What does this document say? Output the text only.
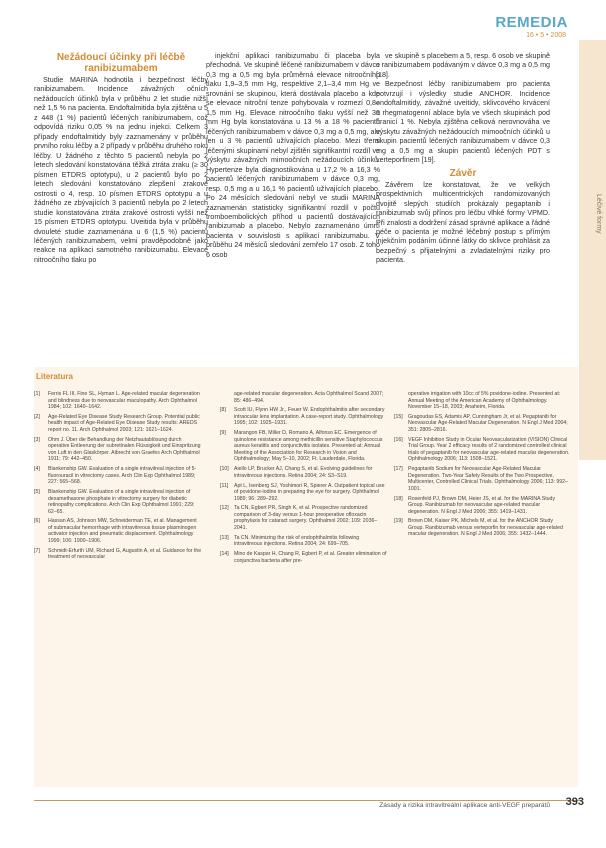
REMEDIA
16 • 5 • 2008
Léčivé formy
Nežádoucí účinky při léčbě ranibizumabem

Studie MARINA hodnotila i bezpečnost léčby ranibizumabem. Incidence závažných očních nežádoucích účinků byla v průběhu 2 let studie nižší než 1,5 % na pacienta. Endoftalmitida byla zjištěna u 5 z 448 (1 %) pacientů léčených ranibizumabem, což odpovídá riziku 0,05 % na jednu injekci. Celkem 3 případy endoftalmitidy byly zaznamenány v průběhu prvního roku léčby a 2 případy v průběhu druhého roku léčby. U žádného z těchto 5 pacientů nebyla po 2 letech sledování konstatována těžká ztráta zraku (≥ 30 písmen ETDRS optotypu), u 2 pacientů bylo po 2 letech sledování konstatováno zlepšení zrakové ostrosti o 4, resp. 10 písmen ETDRS optotypu a u žádného ze zbývajících 3 pacientů nebyla po 2 letech studie konstatována ztráta zrakové ostrosti vyšší než 15 písmen ETDRS optotypu. Uveitida byla v průběhu dvouleté studie zaznamenána u 6 (1,5 %) pacientů léčených ranibizumabem, velmi pravděpodobně jako reakce na aplikaci samotného ranibizumabu. Elevace nitroočního tlaku po

injekční aplikaci ranibizumabu či placeba byla přechodná. Ve skupině léčené ranibizumabem v dávce 0,3 mg a 0,5 mg byla průměrná elevace nitroočního tlaku 1,9–3,5 mm Hg, respektive 2,1–3,4 mm Hg ve srovnání se skupinou, která dostávala placebo a kde se elevace nitroční tenze pohybovala v rozmezí 0,8–1,5 mm Hg. Elevace nitroočního tlaku vyšší než 30 mm Hg byla konstatována u 13 % a 18 % pacientů léčených ranibizumabem v dávce 0,3 mg a 0,5 mg, ale jen u 3 % pacientů užívajících placebo. Mezi třemi léčenými skupinami nebyl zjištěn signifikantní rozdíl ve výskytu závažných mimoočních nežádoucích účinků. Hypertenze byla diagnostikována u 17,2 % a 16,3 % pacientů léčených ranibizumabem v dávce 0,3 mg, resp. 0,5 mg a u 16,1 % pacientů užívajících placebo. Po 24 měsících sledování nebyl ve studii MARINA zaznamenán statisticky signifikantní rozdíl v počtu tromboembolických příhod u pacientů dostávajících ranibizumab a placebo. Nebylo zaznamenáno úmrtí pacienta v souvislosti s aplikací ranibizumabu. V průběhu 24 měsíců sledování zemřelo 17 osob. Z toho 6 osob

ve skupině s placebem a 5, resp. 6 osob ve skupině s ranibizumabem podávaným v dávce 0,3 mg a 0,5 mg [18].

Bezpečnost léčby ranibizumabem pro pacienta potvrzují i výsledky studie ANCHOR. Incidence endoftalmitidy, závažné uveitidy, sklivcového krvácení a rhegmatogenní ablace byla ve všech skupinách pod hranicí 1 %. Nebyla zjištěna celková nerovnováha ve výskytu závažných nežádoucích mimoočních účinků u skupin pacientů léčených ranibizumabem v dávce 0,3 mg a 0,5 mg a skupin pacientů léčených PDT s verteporfinem [19].

Závěr

Závěrem lze konstatovat, že ve velkých prospektivních multicentrických randomizovaných dvojitě slepých studiích prokázaly pegaptanib i ranibizumab svůj přínos pro léčbu vlhké formy VPMD. Při znalosti a dodržení zásad správné aplikace a řádné péče o pacienta je možné léčebný postup s přímým injekčním podáním účinné látky do sklivce prohlásit za bezpečný s přijatelnými a zvladatelnými riziky pro pacienta.

Literatura
[1]	Ferris FL III, Fine SL, Hyman L. Age-related macular degeneration and blindness due to neovascular maculopathy. Arch Ophthalmol 1984; 102: 1640–1642.
[2]	Age-Related Eye Disease Study Research Group. Potential public health impact of Age-Related Eye Disease Study results: AREDS report no. 11. Arch Ophthalmol 2003; 121: 1621–1624.
[3]	Ohm J. Über die Behandlung der Netzhautablösung durch operative Entleerung der subretinalen Flüssigkeit und Einspritzung von Luft in den Glaskörper. Albrecht von Graefes Arch Ophthalmol 1911; 79: 442–450.
[4]	Blankenship GW. Evaluation of a single intravitreal injection of 5-fluorouracil in vitrectomy cases. Arch Clin Exp Ophthalmol 1989; 227: 565–568.
[5]	Blankenship GW. Evaluation of a single intravitreal injection of dexamethasone phosphate in vitrectomy surgery for diabetic retinopathy complications. Arch Clin Exp Ophthalmol 1991; 229: 62–65.
[6]	Hassan AS, Johnson MW, Schneiderman TE, et al. Management of submacular hemorrhage with intravitreous tissue plasminogen activator injection and pneumatic displacement. Ophthalmology 1999; 106: 1900–1906.
[7]	Schmidt-Erfurth UM, Richard G, Augustin A, et al. Guidance for the treatment of neovascular
age-related macular degeneration. Acta Ophthalmol Scand 2007; 85: 486–494.
[8]	Scott IU, Flynn HW Jr., Feuer W. Endophthalmitis after secondary intraocular lens implantation. A case-report study. Ophthalmology 1995; 102: 1925–1931.
[9]	Marangon FB, Miller D, Romano A, Alfonso EC. Emergence of quinolone resistance among methicillin sensitive Staphylococcus aureus keratitis and conjunctivitis isolates. Presented at: Annual Meeting of the Association for Research in Vision and Ophthalmology; May 5–10, 2002; Ft. Lauderdale, Florida.
[10]	Aiello LP, Brucker AJ, Chang S, et al. Evolving guidelines for intravitreous injections. Retina 2004; 24: S3–S19.
[11]	Apt L, Isenberg SJ, Yoshimori R, Spierer A. Outpatient topical use of povidone-iodine in preparing the eye for surgery. Ophthalmol 1989; 96: 289–292.
[12]	Ta CN, Egbert PR, Singh K, et al. Prospective randomized comparison of 3-day versus 1-hour preoperative ofloxacin prophylaxis for cataract surgery. Ophthalmol 2002; 109: 2036–2041.
[13]	Ta CN. Minimizing the risk of endophthalmitis following intravitreous injections. Retina 2004; 24: 699–705.
[14]	Mino de Kaspar H, Chang R, Egbert P, et al. Greater elimination of conjunctiva bacteria after pre-
operative irrigation with 10cc of 5% povidone-iodine. Presented at: Annual Meeting of the American Academy of Ophthalmology. November 15–18, 2003; Anaheim, Florida.
[15]	Gragoudas ES, Adamis AP, Cunningham Jr, et al. Pegaptanib for Neovascular Age-Related Macular Degeneration. N Engl J Med 2004; 351: 2805–2816.
[16]	VEGF Inhibition Study in Ocular Neovascularization (VISION) Clinical Trial Group. Year 2 efficacy results of 2 randomized controlled clinical trials of pegaptanib for neovascular age-related macular degeneration. Ophthalmology 2006; 113: 1508–1521.
[17]	Pegaptanib Sodium for Neovascular Age-Related Macular Degeneration. Two-Year Safety Results of the Two Prospective, Multicenter, Controlled Clinical Trials. Ophthalmology 2006; 113: 992–1001.
[18]	Rosenfeld PJ, Brown DM, Heier JS, et al. for the MARINA Study Group. Ranibizumab for neovascular age-related macular degeneration. N Engl J Med 2006; 355: 1419–1431.
[19]	Brown DM, Kaiser PK, Michels M, et al. for the ANCHOR Study Group. Ranibizumab versus verteporfin for neovascular age-related macular degeneration. N Engl J Med 2006; 355: 1432–1444.
Zásady a rizika intravitreální aplikace anti-VEGF preparátů 393
